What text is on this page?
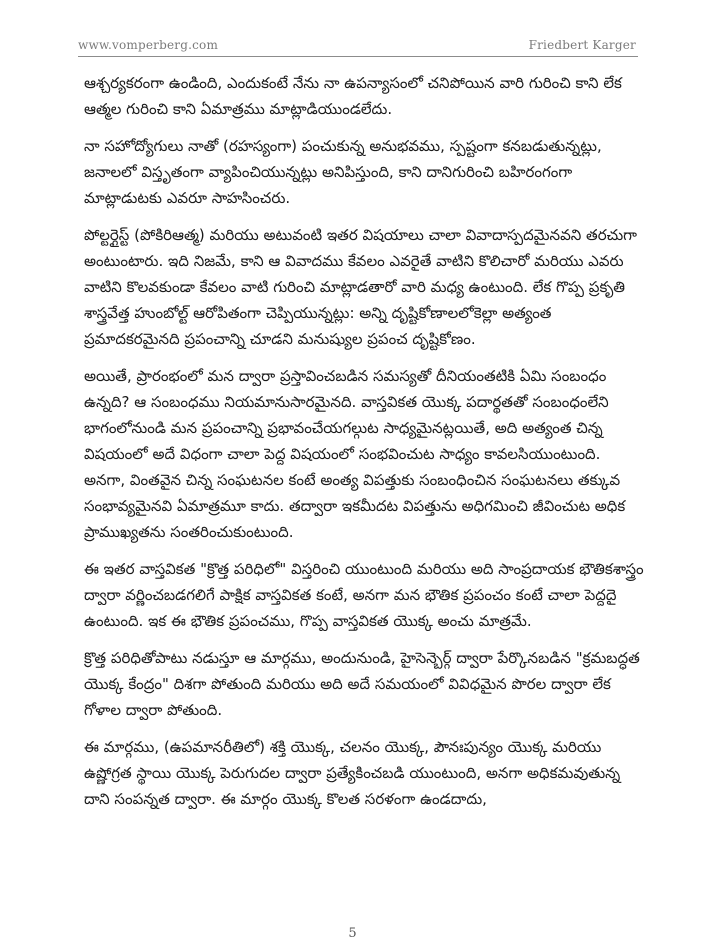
www.vomperberg.com	Friedbert Karger

ఆశ్చర్యకరంగా ఉండింది, ఎందుకంటే నేను నా ఉపన్యాసంలో చనిపోయిన వారి గురించి కాని లేక ఆత్మల గురించి కాని ఏమాత్రము మాట్లాడియుండలేదు.

నా సహోద్యోగులు నాతో (రహస్యంగా) పంచుకున్న అనుభవము, స్పష్టంగా కనబడుతున్నట్లు, జనాలలో విస్తృతంగా వ్యాపించియున్నట్లు అనిపిస్తుంది, కాని దానిగురించి బహిరంగంగా మాట్లాడుటకు ఎవరూ సాహసించరు.

పోల్టర్గైస్ట్ (పోకిరిఆత్మ) మరియు అటువంటి ఇతర విషయాలు చాలా వివాదాస్పదమైనవని తరచుగా అంటుంటారు. ఇది నిజమే, కాని ఆ వివాదము కేవలం ఎవరైతే వాటిని కొలిచారో మరియు ఎవరు వాటిని కొలవకుండా కేవలం వాటి గురించి మాట్లాడతారో వారి మధ్య ఉంటుంది. లేక గొప్ప ప్రకృతి శాస్త్రవేత్త హుంబోల్ట్ ఆరోపితంగా చెప్పియున్నట్లు: అన్ని దృష్టికోణాలలోకెల్లా అత్యంత ప్రమాదకరమైనది ప్రపంచాన్ని చూడని మనుష్యుల ప్రపంచ దృష్టికోణం.

అయితే, ప్రారంభంలో మన ద్వారా ప్రస్తావించబడిన సమస్యతో దీనియంతటికి ఏమి సంబంధం ఉన్నది? ఆ సంబంధము నియమానుసారమైనది. వాస్తవికత యొక్క పదార్థతతో సంబంధంలేని భాగంలోనుండి మన ప్రపంచాన్ని ప్రభావంచేయగల్గుట సాధ్యమైనట్లయితే, అది అత్యంత చిన్న విషయంలో అదే విధంగా చాలా పెద్ద విషయంలో సంభవించుట సాధ్యం కావలసియుంటుంది. అనగా, వింతవైన చిన్న సంఘటనల కంటే అంత్య విపత్తుకు సంబంధించిన సంఘటనలు తక్కువ సంభావ్యమైనవి ఏమాత్రమూ కాదు. తద్వారా ఇకమీదట విపత్తును అధిగమించి జీవించుట అధిక ప్రాముఖ్యతను సంతరించుకుంటుంది.

ఈ ఇతర వాస్తవికత "క్రొత్త పరిధిలో" విస్తరించి యుంటుంది మరియు అది సాంప్రదాయక భౌతికశాస్త్రం ద్వారా వర్ణించబడగలిగే పాక్షిక వాస్తవికత కంటే, అనగా మన భౌతిక ప్రపంచం కంటే చాలా పెద్దదై ఉంటుంది. ఇక ఈ భౌతిక ప్రపంచము, గొప్ప వాస్తవికత యొక్క అంచు మాత్రమే.

క్రొత్త పరిధితోపాటు నడుస్తూ ఆ మార్గము, అందునుండి, హైసెన్బెర్గ్ ద్వారా పేర్కొనబడిన "క్రమబద్ధత యొక్క కేంద్రం" దిశగా పోతుంది మరియు అది అదే సమయంలో వివిధమైన పొరల ద్వారా లేక గోళాల ద్వారా పోతుంది.

ఈ మార్గము, (ఉపమానరీతిలో) శక్తి యొక్క, చలనం యొక్క, పౌనఃపున్యం యొక్క మరియు ఉష్ణోగ్రత స్థాయి యొక్క పెరుగుదల ద్వారా ప్రత్యేకించబడి యుంటుంది, అనగా అధికమవుతున్న దాని సంపన్నత ద్వారా. ఈ మార్గం యొక్క కొలత సరళంగా ఉండదాదు,

5
